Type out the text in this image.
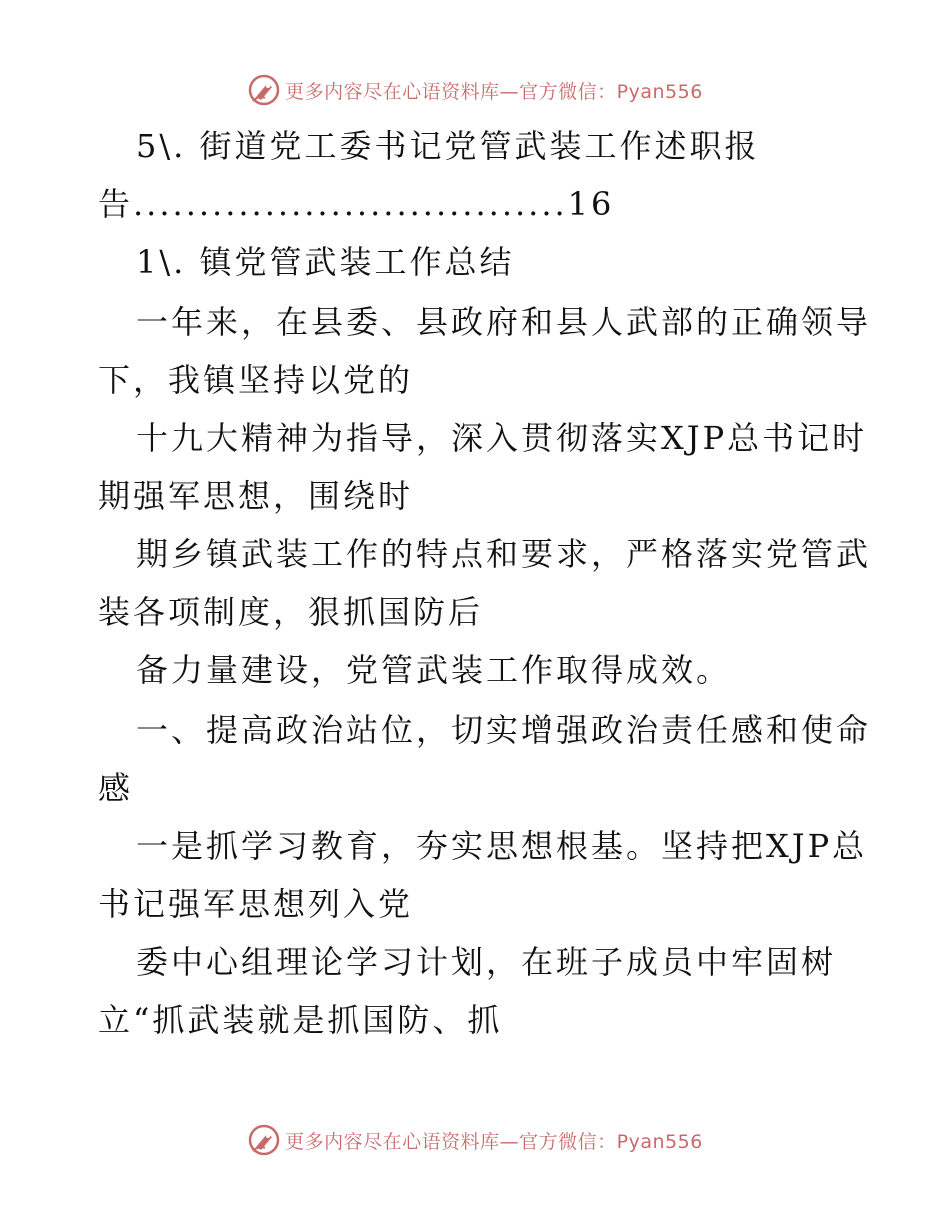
更多内容尽在心语资料库—官方微信：Pyan556
5\. 街道党工委书记党管武装工作述职报
告.................................16
1\. 镇党管武装工作总结
一年来，在县委、县政府和县人武部的正确领导
下，我镇坚持以党的
十九大精神为指导，深入贯彻落实XJP总书记时
期强军思想，围绕时
期乡镇武装工作的特点和要求，严格落实党管武
装各项制度，狠抓国防后
备力量建设，党管武装工作取得成效。
一、提高政治站位，切实增强政治责任感和使命
感
一是抓学习教育，夯实思想根基。坚持把XJP总
书记强军思想列入党
委中心组理论学习计划，在班子成员中牢固树
立“抓武装就是抓国防、抓
更多内容尽在心语资料库—官方微信：Pyan556
